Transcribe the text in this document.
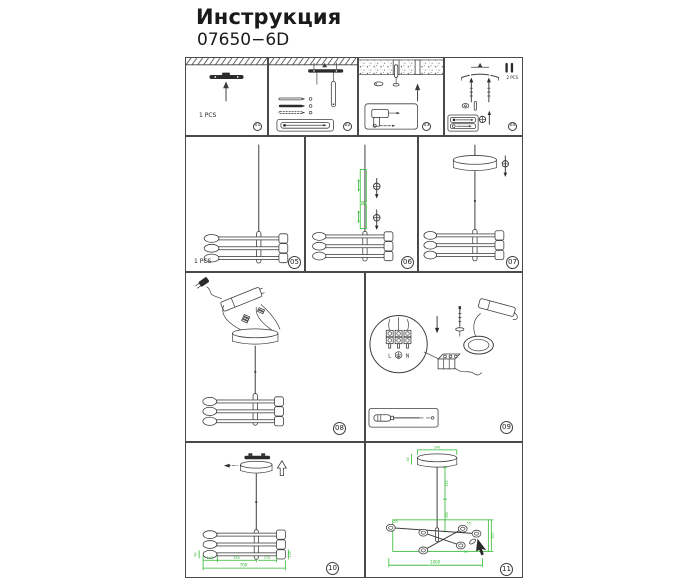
Инструкция
07650−6D
1 PCS
01	02	03
2 PCS
04
1 PCS	05	06	07
08
L	N
09
40
100	350	170
130
700	10
140
40
250
350
55	55
55
1000
700
11
